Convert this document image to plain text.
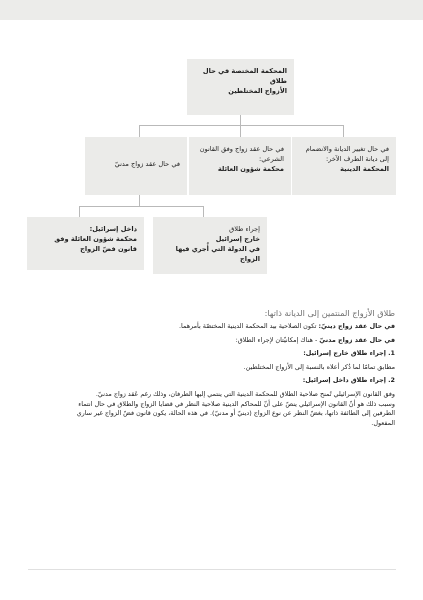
المحكمة المختصة في حال طلاق
الأزواج المختلطين
في حال تغيير الديانة والانضمام
إلى ديانة الطرف الآخر:
المحكمة الدينية
في حال عقد زواج وفق القانون
الشرعي:
محكمة شؤون العائلة
في حال عقد زواج مدنيّ
إجراء طلاق
خارج إسرائيل
في الدولة التي أُجري فيها الزواج
داخل إسرائيل:
محكمة شؤون العائلة وفق
قانون فضّ الزواج
طلاق الأزواج المنتمين إلى الديانة ذاتها:
في حال عقد زواج دينيّ: تكون الصلاحية بيد المحكمة الدينية المختصّة بأمرهما.
في حال عقد زواج مدنيّ - هناك إمكانيّتان لإجراء الطلاق:
1. إجراء طلاق خارج إسرائيل:
مطابق تمامًا لما ذُكر أعلاه بالنسبة إلى الأزواج المختلطين.
2. إجراء طلاق داخل إسرائيل:
وفق القانون الإسرائيلي تُمنح صلاحية الطلاق للمحكمة الدينية التي ينتمي إليها الطرفان، وذلك رغم عَقد زواج مدنيّ.
وسبب ذلك هو أنّ القانون الإسرائيلي ينصّ على أنّ للمحاكم الدينية صلاحية النظر في قضايا الزواج والطلاق في حال انتماء
الطرفين إلى الطائفة ذاتها، بغضّ النظر عن نوع الزواج (دينيّ أو مدنيّ). في هذه الحالة، يكون قانون فضّ الزواج غير ساري
المفعول.
